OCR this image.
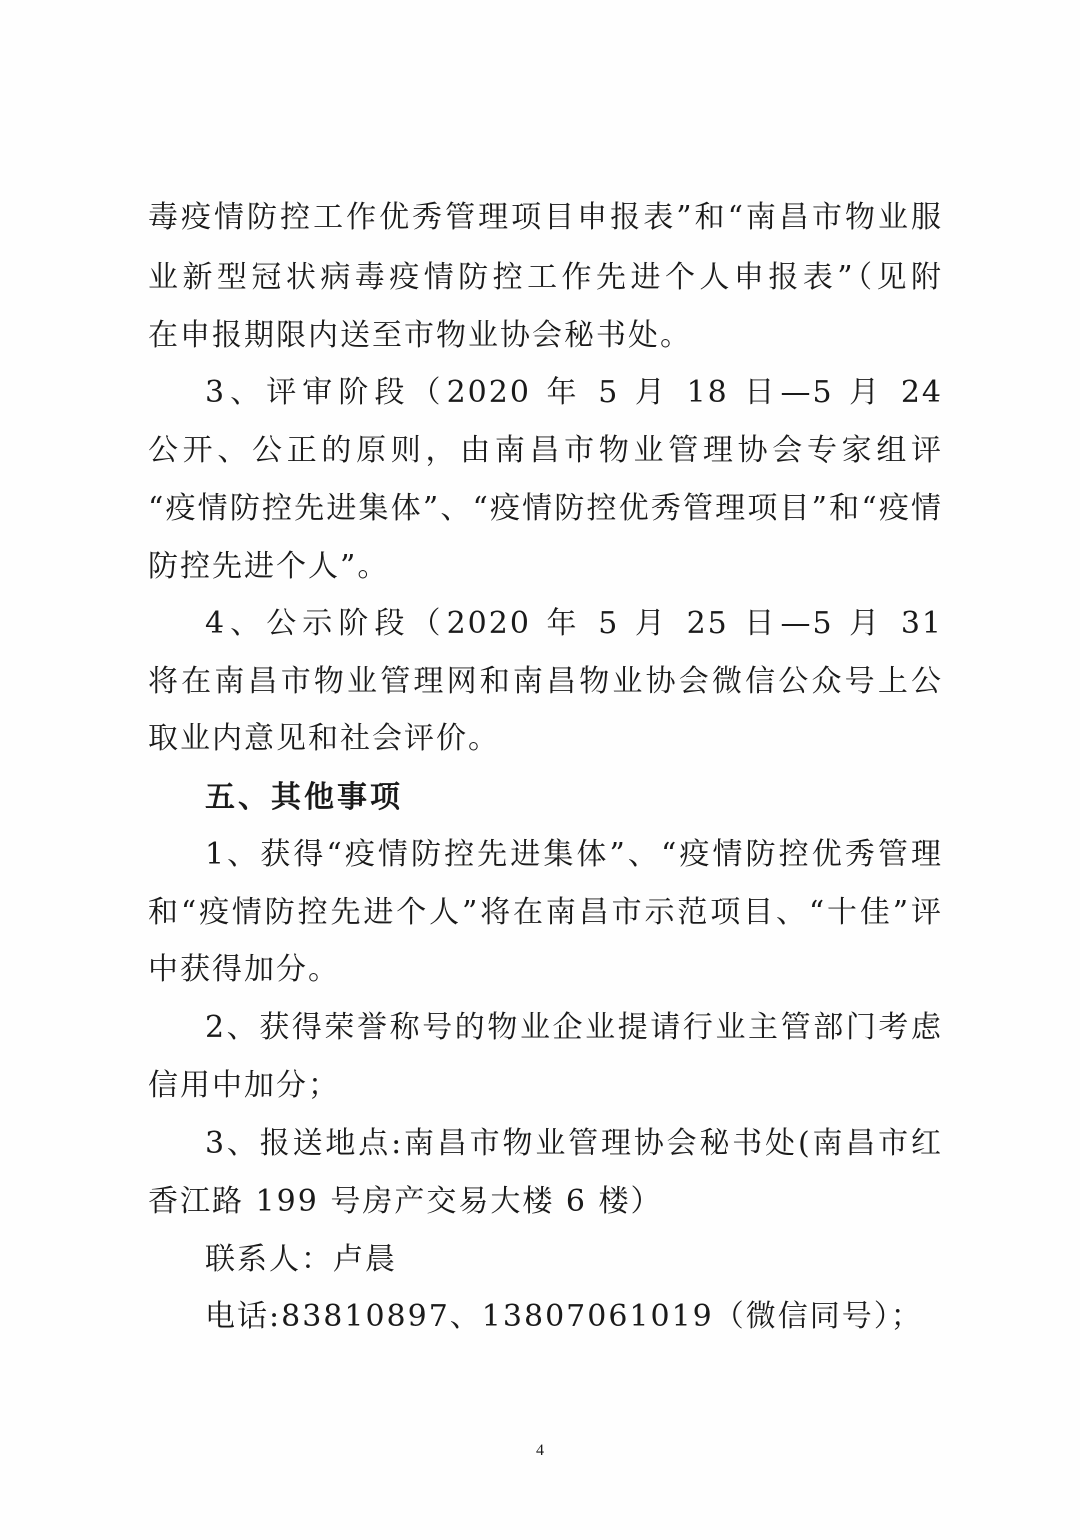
毒疫情防控工作优秀管理项目申报表”和“南昌市物业服
业新型冠状病毒疫情防控工作先进个人申报表”（见附
在申报期限内送至市物业协会秘书处。
3、评审阶段（2020 年 5 月 18 日—5 月 24
公开、公正的原则，由南昌市物业管理协会专家组评
“疫情防控先进集体”、“疫情防控优秀管理项目”和“疫情
防控先进个人”。
4、公示阶段（2020 年 5 月 25 日—5 月 31
将在南昌市物业管理网和南昌物业协会微信公众号上公
取业内意见和社会评价。
五、其他事项
1、获得“疫情防控先进集体”、“疫情防控优秀管理
和“疫情防控先进个人”将在南昌市示范项目、“十佳”评
中获得加分。
2、获得荣誉称号的物业企业提请行业主管部门考虑
信用中加分；
3、报送地点:南昌市物业管理协会秘书处(南昌市红
香江路 199 号房产交易大楼 6 楼）
联系人：卢晨
电话:83810897、13807061019（微信同号）；
4
